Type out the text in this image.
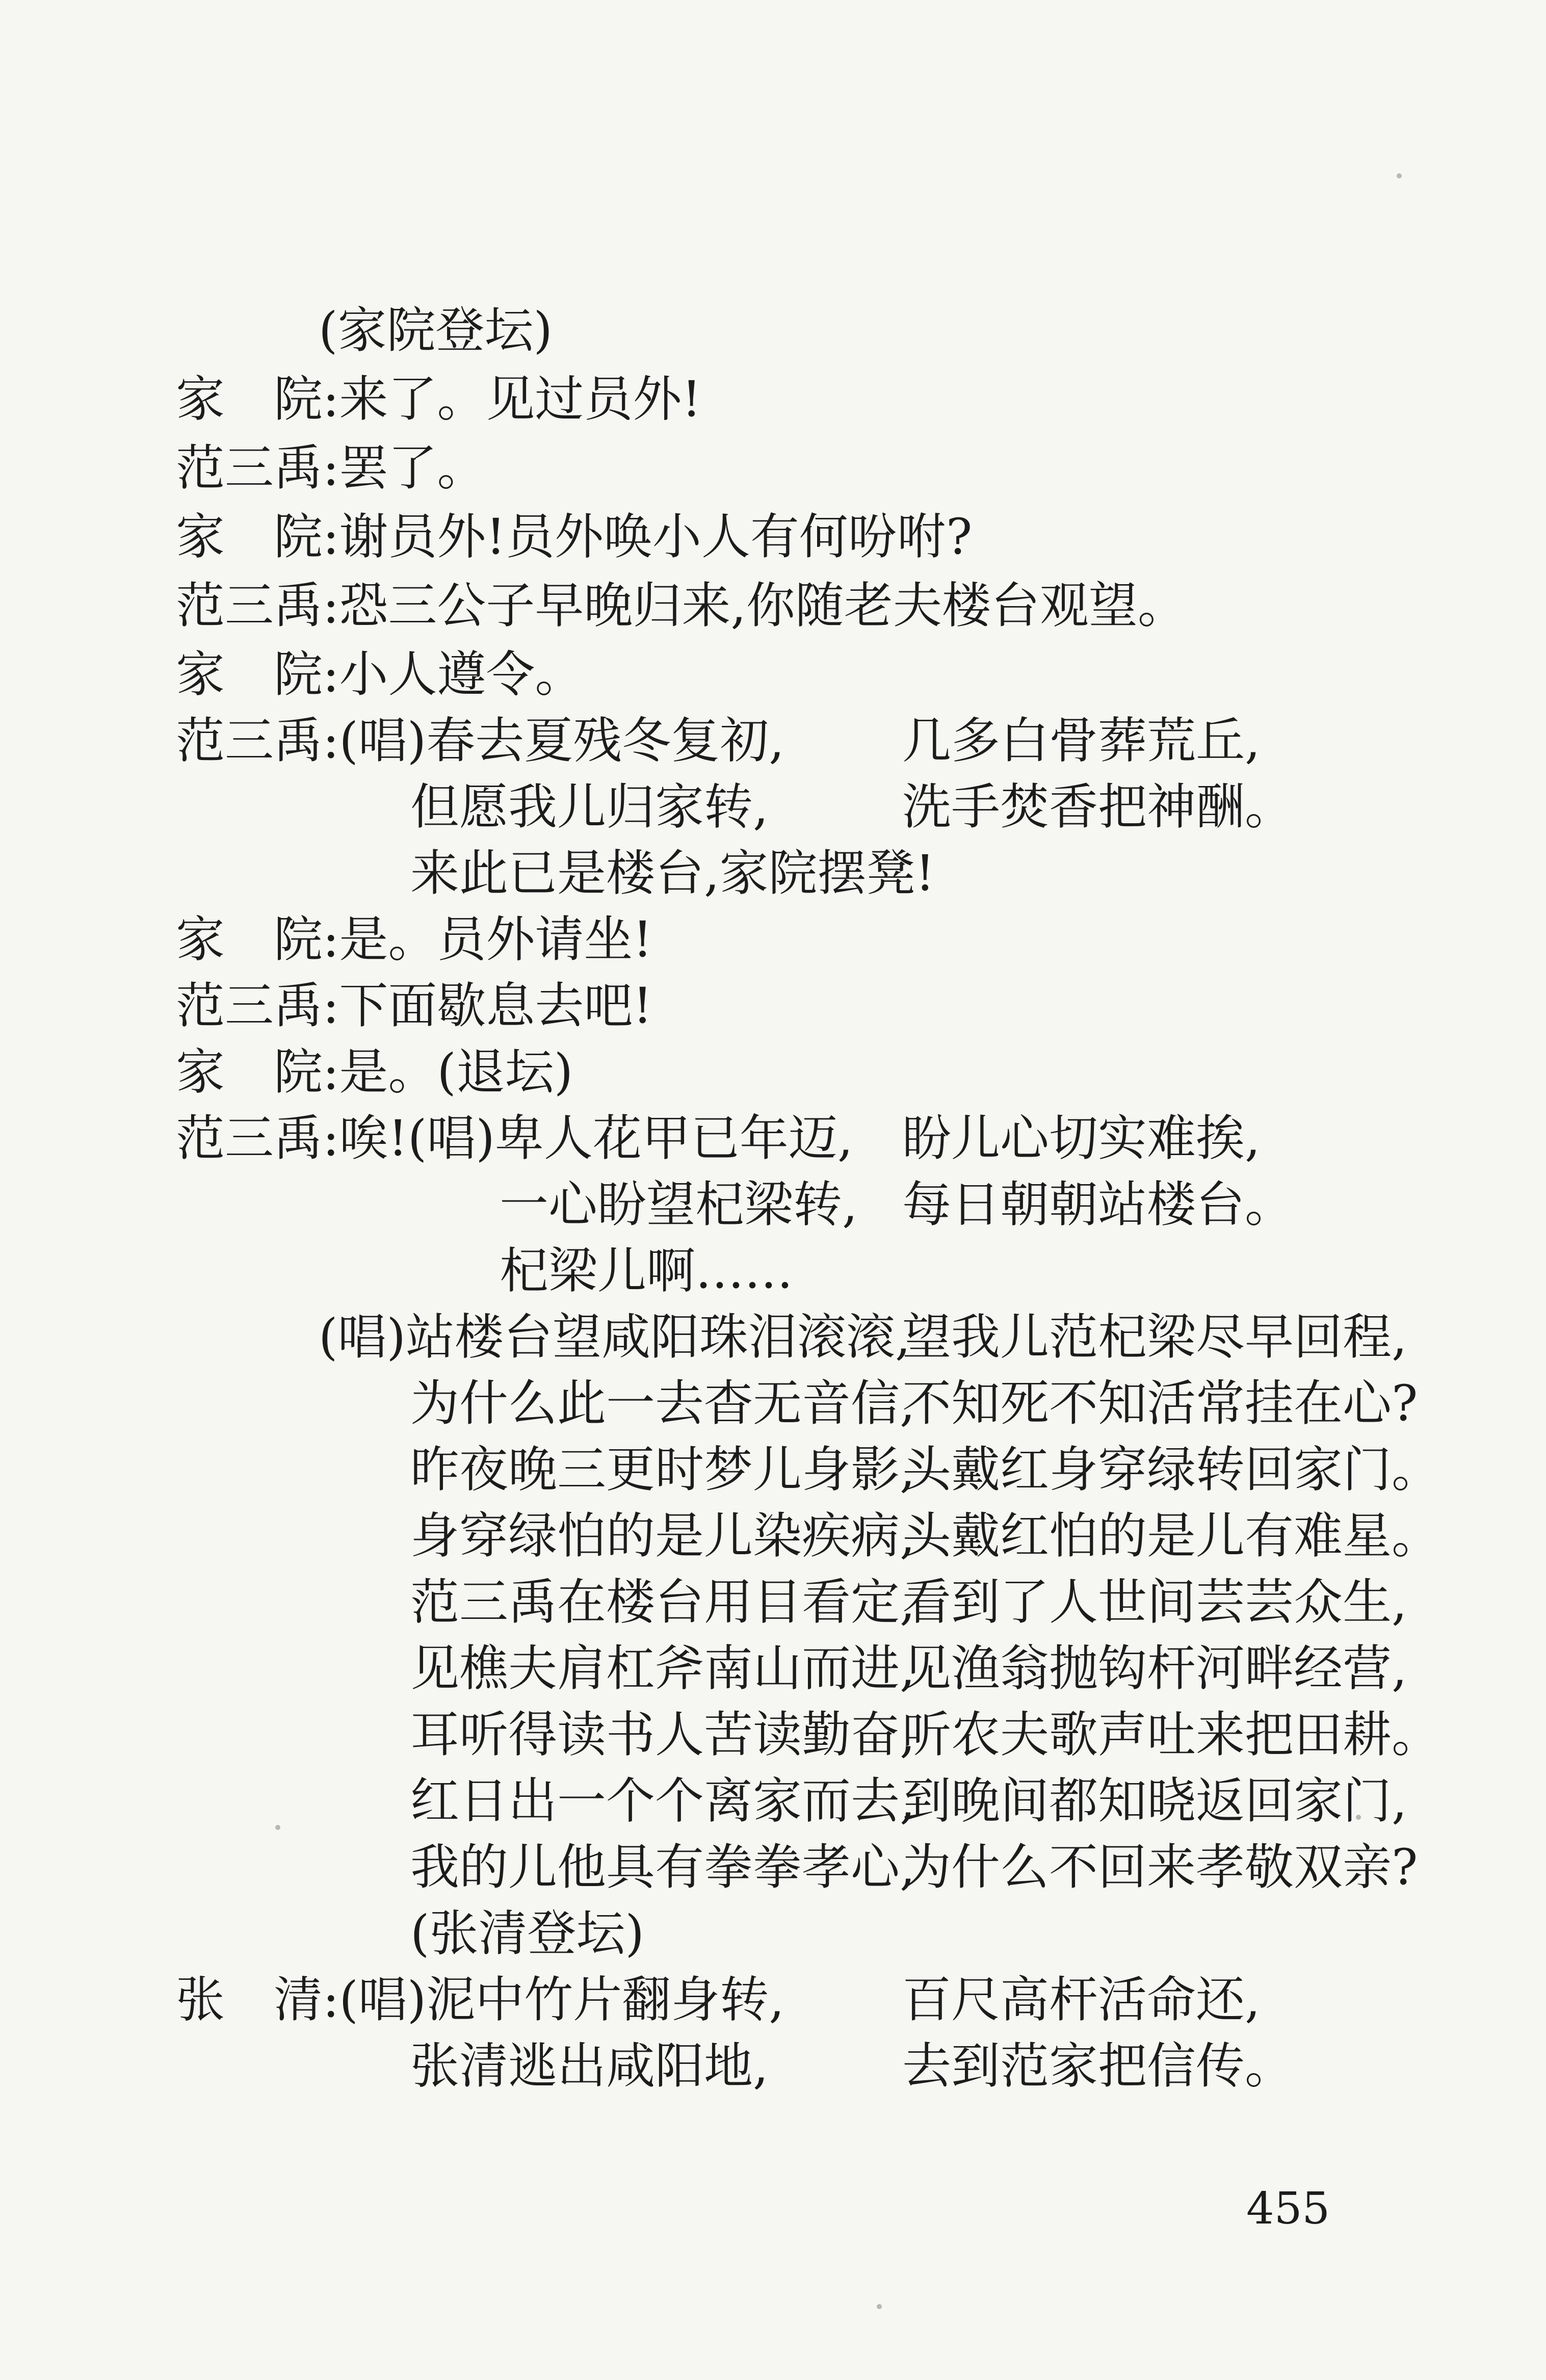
(家院登坛)
家　院:来了。见过员外!
范三禹:罢了。
家　院:谢员外!员外唤小人有何吩咐?
范三禹:恐三公子早晚归来,你随老夫楼台观望。
家　院:小人遵令。
范三禹:(唱)春去夏残冬复初, 几多白骨葬荒丘,
但愿我儿归家转,	洗手焚香把神酬。
来此已是楼台,家院摆凳!
家　院:是。员外请坐!
范三禹:下面歇息去吧!
家　院:是。(退坛)
范三禹:唉!(唱)卑人花甲已年迈, 盼儿心切实难挨,
一心盼望杞梁转, 每日朝朝站楼台。
杞梁儿啊……
(唱)站楼台望咸阳珠泪滚滚,
望我儿范杞梁尽早回程,
为什么此一去杳无音信,
不知死不知活常挂在心?
昨夜晚三更时梦儿身影,
头戴红身穿绿转回家门。
身穿绿怕的是儿染疾病,
头戴红怕的是儿有难星。
范三禹在楼台用目看定,
看到了人世间芸芸众生,
见樵夫肩杠斧南山而进,
见渔翁抛钩杆河畔经营,
耳听得读书人苦读勤奋,
听农夫歌声吐来把田耕。
红日出一个个离家而去,
到晚间都知晓返回家门,
我的儿他具有拳拳孝心,
为什么不回来孝敬双亲?
(张清登坛)
张　清:(唱)泥中竹片翻身转, 百尺高杆活命还,
张清逃出咸阳地,	去到范家把信传。
455
